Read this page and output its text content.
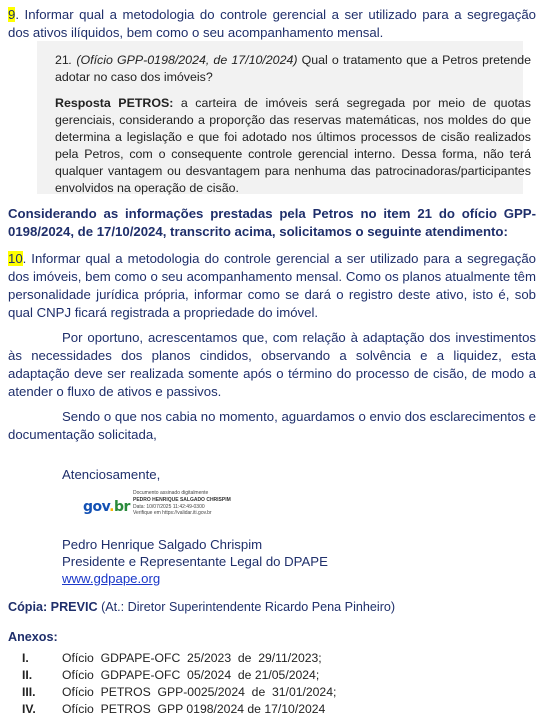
9. Informar qual a metodologia do controle gerencial a ser utilizado para a segregação dos ativos ilíquidos, bem como o seu acompanhamento mensal.

21. (Ofício GPP-0198/2024, de 17/10/2024) Qual o tratamento que a Petros pretende adotar no caso dos imóveis?

Resposta PETROS: a carteira de imóveis será segregada por meio de quotas gerenciais, considerando a proporção das reservas matemáticas, nos moldes do que determina a legislação e que foi adotado nos últimos processos de cisão realizados pela Petros, com o consequente controle gerencial interno. Dessa forma, não terá qualquer vantagem ou desvantagem para nenhuma das patrocinadoras/participantes envolvidos na operação de cisão.

Considerando as informações prestadas pela Petros no item 21 do ofício GPP-0198/2024, de 17/10/2024, transcrito acima, solicitamos o seguinte atendimento:

10. Informar qual a metodologia do controle gerencial a ser utilizado para a segregação dos imóveis, bem como o seu acompanhamento mensal. Como os planos atualmente têm personalidade jurídica própria, informar como se dará o registro deste ativo, isto é, sob qual CNPJ ficará registrada a propriedade do imóvel.

Por oportuno, acrescentamos que, com relação à adaptação dos investimentos às necessidades dos planos cindidos, observando a solvência e a liquidez, esta adaptação deve ser realizada somente após o término do processo de cisão, de modo a atender o fluxo de ativos e passivos.

Sendo o que nos cabia no momento, aguardamos o envio dos esclarecimentos e documentação solicitada,

Atenciosamente,

gov.br
Documento assinado digitalmente
PEDRO HENRIQUE SALGADO CHRISPIM
Data: 10/07/2025 11:42:49-0300
Verifique em https://validar.iti.gov.br

Pedro Henrique Salgado Chrispim

Presidente e Representante Legal do DPAPE

www.gdpape.org

Cópia: PREVIC (At.: Diretor Superintendente Ricardo Pena Pinheiro)

Anexos:

I.	Ofício  GDPAPE-OFC  25/2023  de  29/11/2023;
II. Ofício  GDPAPE-OFC  05/2024  de 21/05/2024;
III. Ofício  PETROS  GPP-0025/2024  de  31/01/2024;
IV. Ofício  PETROS  GPP 0198/2024 de 17/10/2024
